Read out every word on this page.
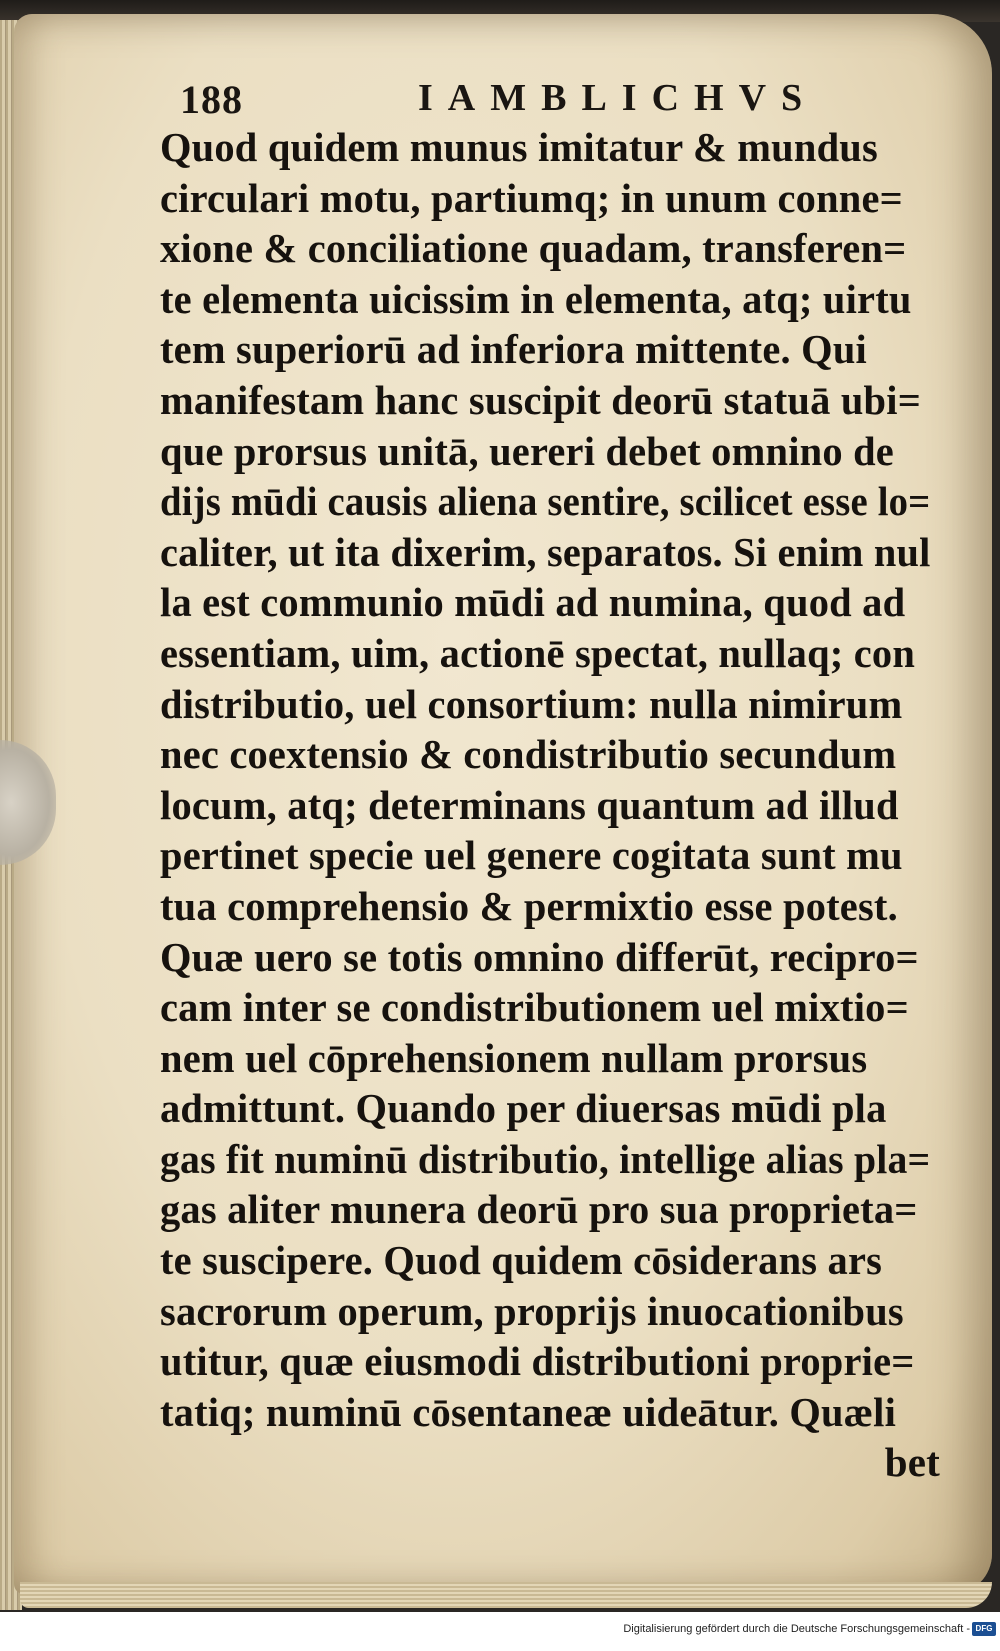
188	IAMBLICHVS
Quod quidem munus imitatur & mundus
circulari motu, partiumq; in unum conne=
xione & conciliatione quadam, transferen=
te elementa uicissim in elementa, atq; uirtu
tem superiorū ad inferiora mittente. Qui
manifestam hanc suscipit deorū statuā ubi=
que prorsus unitā, uereri debet omnino de
dijs mūdi causis aliena sentire, scilicet esse lo=
caliter, ut ita dixerim, separatos. Si enim nul
la est communio mūdi ad numina, quod ad
essentiam, uim, actionē spectat, nullaq; con
distributio, uel consortium: nulla nimirum
nec coextensio & condistributio secundum
locum, atq; determinans quantum ad illud
pertinet specie uel genere cogitata sunt mu
tua comprehensio & permixtio esse potest.
Quæ uero se totis omnino differūt, recipro=
cam inter se condistributionem uel mixtio=
nem uel cōprehensionem nullam prorsus
admittunt. Quando per diuersas mūdi pla
gas fit numinū distributio, intellige alias pla=
gas aliter munera deorū pro sua proprieta=
te suscipere. Quod quidem cōsiderans ars
sacrorum operum, proprijs inuocationibus
utitur, quæ eiusmodi distributioni proprie=
tatiq; numinū cōsentaneæ uideātur. Quæli
bet
Digitalisierung gefördert durch die Deutsche Forschungsgemeinschaft - DFG
